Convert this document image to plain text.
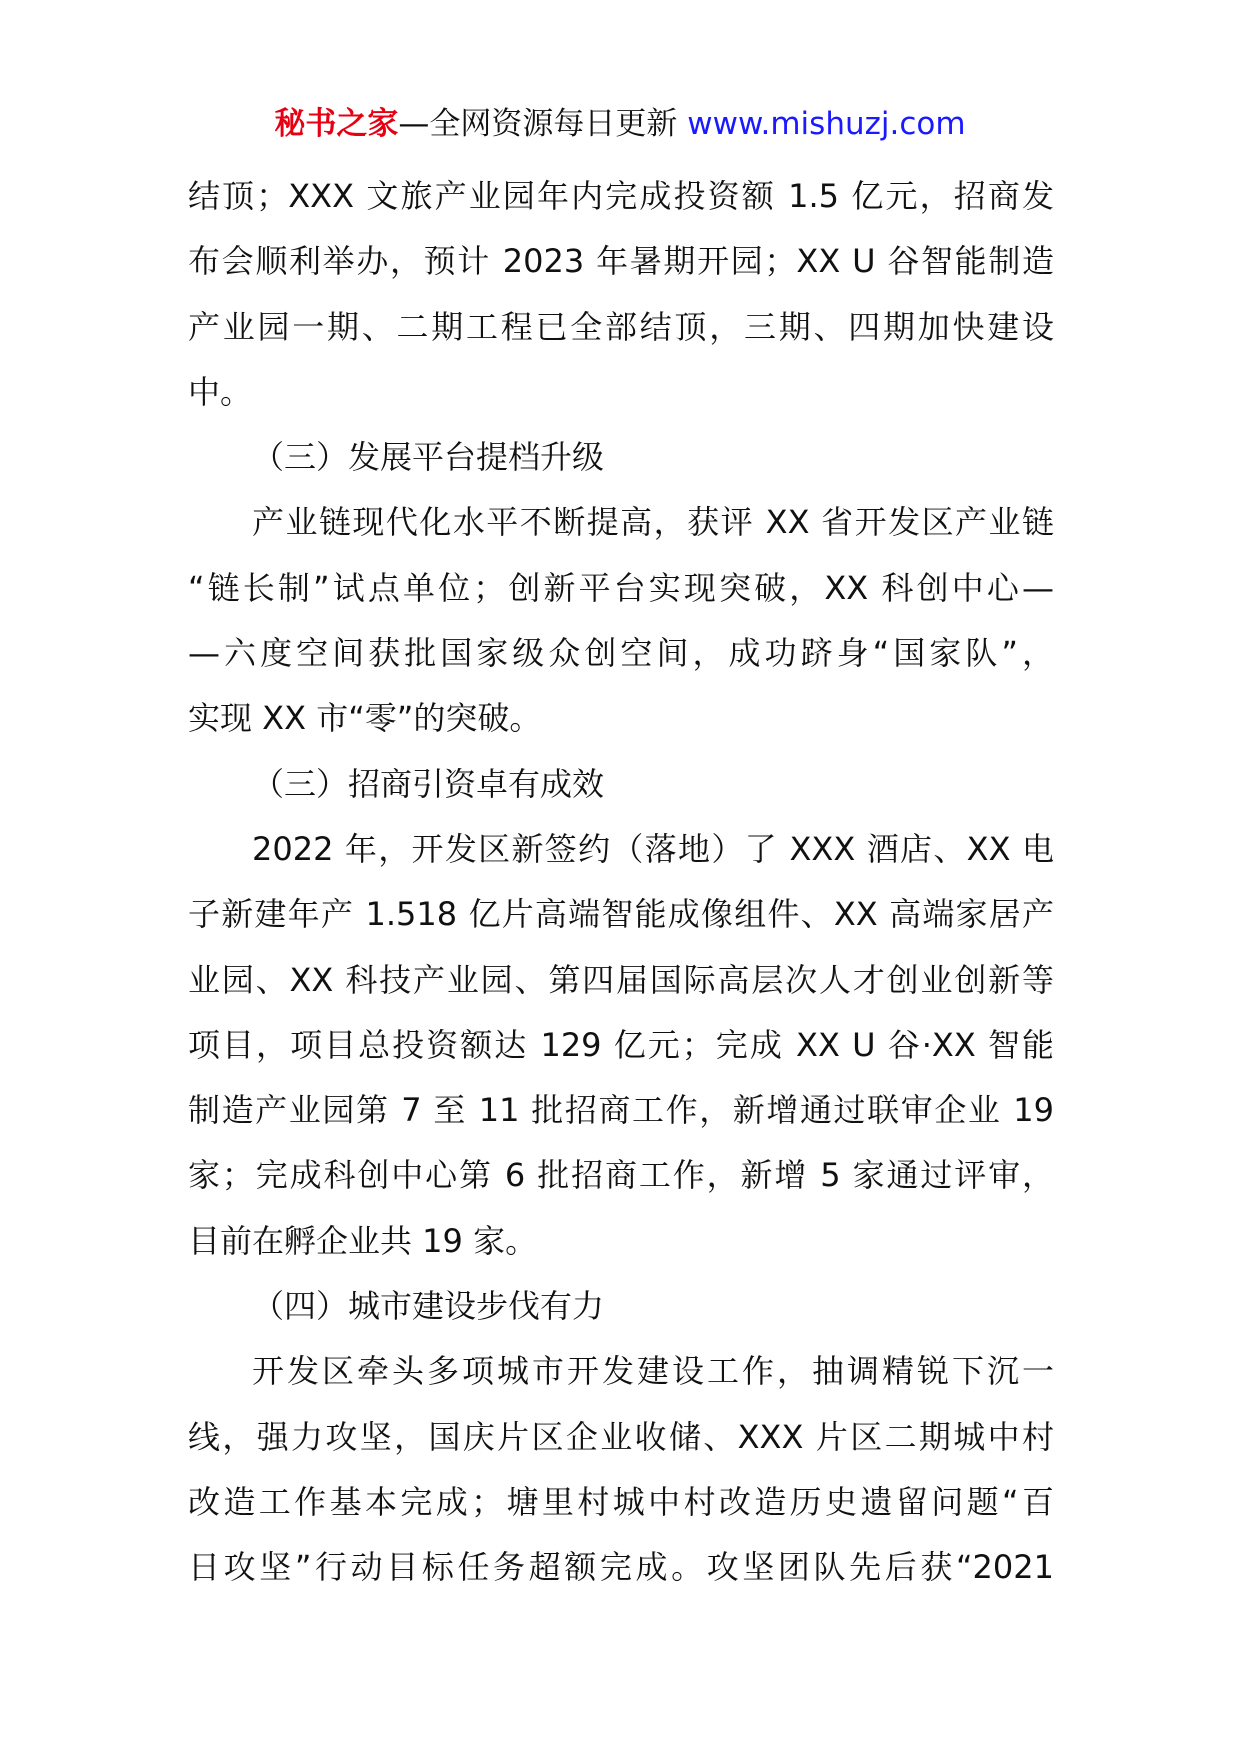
秘书之家—全网资源每日更新 www.mishuzj.com
结顶；XXX 文旅产业园年内完成投资额 1.5 亿元，招商发
布会顺利举办，预计 2023 年暑期开园；XX U 谷智能制造
产业园一期、二期工程已全部结顶，三期、四期加快建设
中。
（三）发展平台提档升级
产业链现代化水平不断提高，获评 XX 省开发区产业链
“链长制”试点单位；创新平台实现突破，XX 科创中心—
—六度空间获批国家级众创空间，成功跻身“国家队”，
实现 XX 市“零”的突破。
（三）招商引资卓有成效
2022 年，开发区新签约（落地）了 XXX 酒店、XX 电
子新建年产 1.518 亿片高端智能成像组件、XX 高端家居产
业园、XX 科技产业园、第四届国际高层次人才创业创新等
项目，项目总投资额达 129 亿元；完成 XX U 谷·XX 智能
制造产业园第 7 至 11 批招商工作，新增通过联审企业 19
家；完成科创中心第 6 批招商工作，新增 5 家通过评审，
目前在孵企业共 19 家。
（四）城市建设步伐有力
开发区牵头多项城市开发建设工作，抽调精锐下沉一
线，强力攻坚，国庆片区企业收储、XXX 片区二期城中村
改造工作基本完成；塘里村城中村改造历史遗留问题“百
日攻坚”行动目标任务超额完成。攻坚团队先后获“2021
